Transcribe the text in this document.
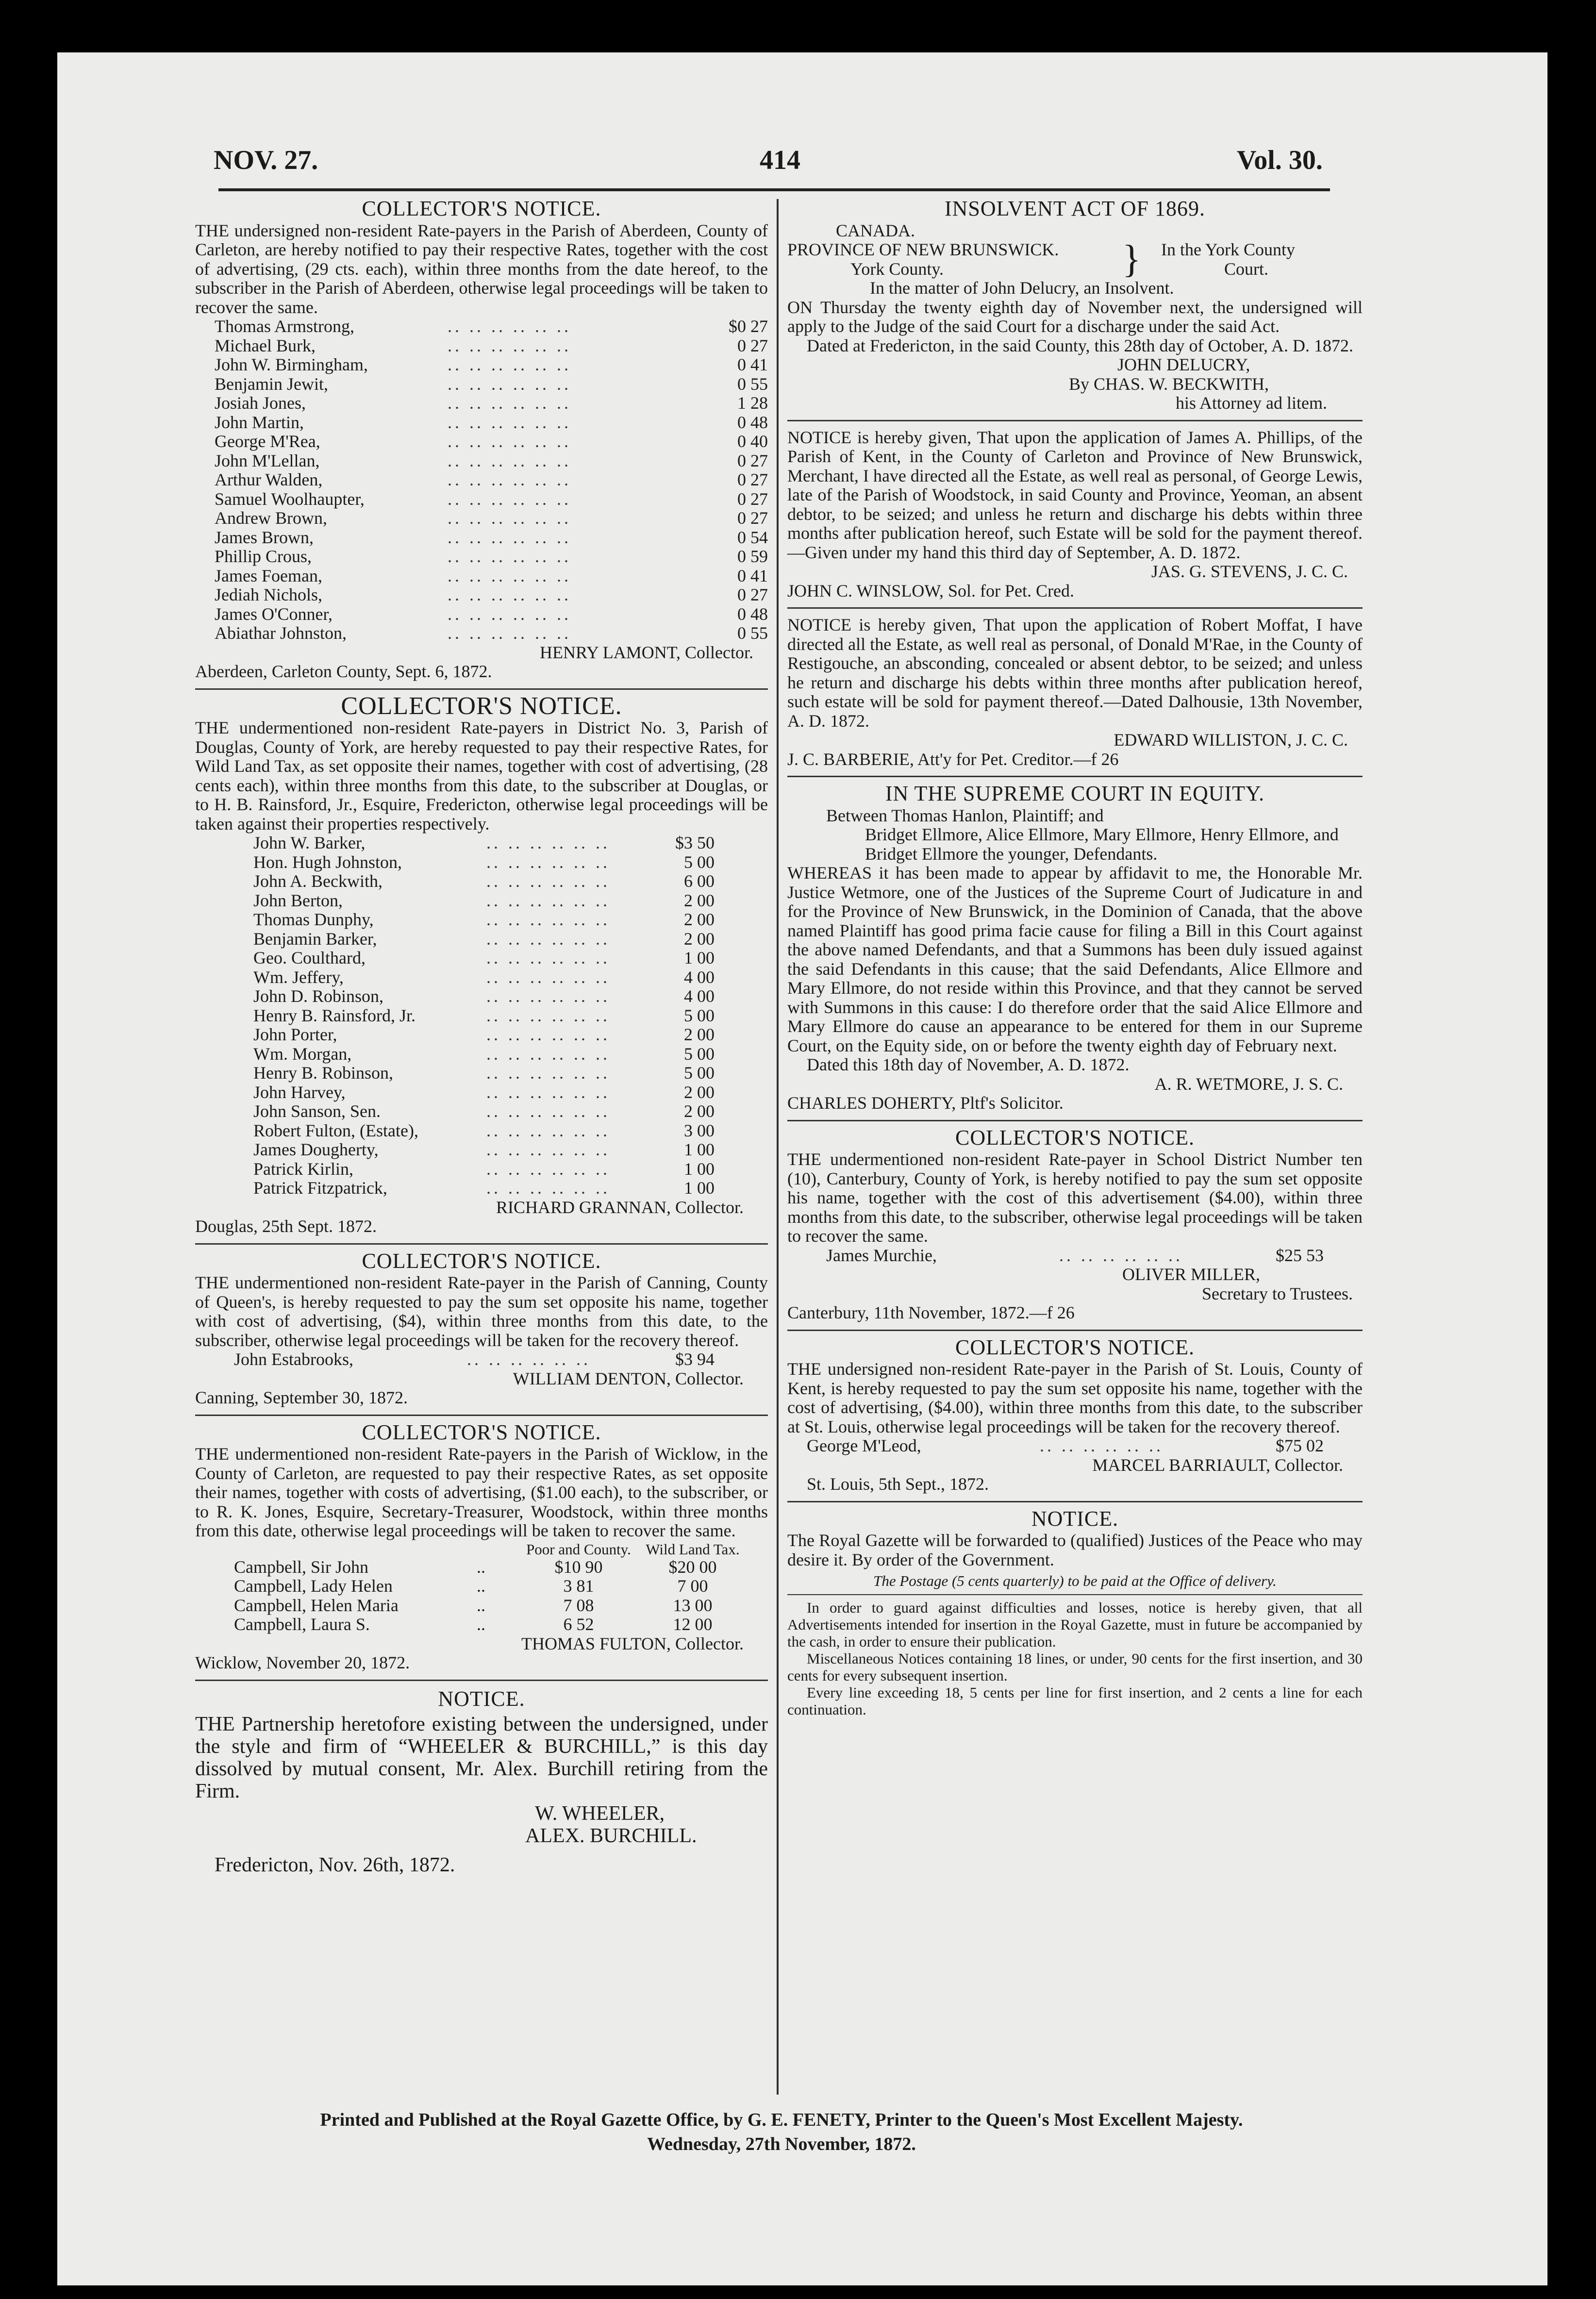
NOV. 27.	414	Vol. 30.
COLLECTOR'S NOTICE.

THE undersigned non-resident Rate-payers in the Parish of Aberdeen, County of Carleton, are hereby notified to pay their respective Rates, together with the cost of advertising, (29 cts. each), within three months from the date hereof, to the subscriber in the Parish of Aberdeen, otherwise legal proceedings will be taken to recover the same.

Thomas Armstrong,	.. .. .. .. .. ..	$0 27
Michael Burk,	.. .. .. .. .. ..	0 27
John W. Birmingham,	.. .. .. .. .. ..	0 41
Benjamin Jewit,	.. .. .. .. .. ..	0 55
Josiah Jones,	.. .. .. .. .. ..	1 28
John Martin,	.. .. .. .. .. ..	0 48
George M'Rea,	.. .. .. .. .. ..	0 40
John M'Lellan,	.. .. .. .. .. ..	0 27
Arthur Walden,	.. .. .. .. .. ..	0 27
Samuel Woolhaupter,	.. .. .. .. .. ..	0 27
Andrew Brown,	.. .. .. .. .. ..	0 27
James Brown,	.. .. .. .. .. ..	0 54
Phillip Crous,	.. .. .. .. .. ..	0 59
James Foeman,	.. .. .. .. .. ..	0 41
Jediah Nichols,	.. .. .. .. .. ..	0 27
James O'Conner,	.. .. .. .. .. ..	0 48
Abiathar Johnston,	.. .. .. .. .. ..	0 55
HENRY LAMONT, Collector.
Aberdeen, Carleton County, Sept. 6, 1872.
COLLECTOR'S NOTICE.

THE undermentioned non-resident Rate-payers in District No. 3, Parish of Douglas, County of York, are hereby requested to pay their respective Rates, for Wild Land Tax, as set opposite their names, together with cost of advertising, (28 cents each), within three months from this date, to the subscriber at Douglas, or to H. B. Rainsford, Jr., Esquire, Fredericton, otherwise legal proceedings will be taken against their properties respectively.

John W. Barker,	.. .. .. .. .. ..	$3 50
Hon. Hugh Johnston,	.. .. .. .. .. ..	5 00
John A. Beckwith,	.. .. .. .. .. ..	6 00
John Berton,	.. .. .. .. .. ..	2 00
Thomas Dunphy,	.. .. .. .. .. ..	2 00
Benjamin Barker,	.. .. .. .. .. ..	2 00
Geo. Coulthard,	.. .. .. .. .. ..	1 00
Wm. Jeffery,	.. .. .. .. .. ..	4 00
John D. Robinson,	.. .. .. .. .. ..	4 00
Henry B. Rainsford, Jr.	.. .. .. .. .. ..	5 00
John Porter,	.. .. .. .. .. ..	2 00
Wm. Morgan,	.. .. .. .. .. ..	5 00
Henry B. Robinson,	.. .. .. .. .. ..	5 00
John Harvey,	.. .. .. .. .. ..	2 00
John Sanson, Sen.	.. .. .. .. .. ..	2 00
Robert Fulton, (Estate),	.. .. .. .. .. ..	3 00
James Dougherty,	.. .. .. .. .. ..	1 00
Patrick Kirlin,	.. .. .. .. .. ..	1 00
Patrick Fitzpatrick,	.. .. .. .. .. ..	1 00
RICHARD GRANNAN, Collector.
Douglas, 25th Sept. 1872.
COLLECTOR'S NOTICE.

THE undermentioned non-resident Rate-payer in the Parish of Canning, County of Queen's, is hereby requested to pay the sum set opposite his name, together with cost of advertising, ($4), within three months from this date, to the subscriber, otherwise legal proceedings will be taken for the recovery thereof.

John Estabrooks,	.. .. .. .. .. ..	$3 94
WILLIAM DENTON, Collector.
Canning, September 30, 1872.
COLLECTOR'S NOTICE.

THE undermentioned non-resident Rate-payers in the Parish of Wicklow, in the County of Carleton, are requested to pay their respective Rates, as set opposite their names, together with costs of advertising, ($1.00 each), to the subscriber, or to R. K. Jones, Esquire, Secretary-Treasurer, Woodstock, within three months from this date, otherwise legal proceedings will be taken to recover the same.

Poor and County. Wild Land Tax.
Campbell, Sir John	..	$10 90	$20 00
Campbell, Lady Helen	..	3 81	7 00
Campbell, Helen Maria	..	7 08	13 00
Campbell, Laura S.	..	6 52	12 00
THOMAS FULTON, Collector.
Wicklow, November 20, 1872.
NOTICE.

THE Partnership heretofore existing between the undersigned, under the style and firm of “WHEELER & BURCHILL,” is this day dissolved by mutual consent, Mr. Alex. Burchill retiring from the Firm.

W. WHEELER,
ALEX. BURCHILL.
Fredericton, Nov. 26th, 1872.
INSOLVENT ACT OF 1869.
CANADA.
PROVINCE OF NEW BRUNSWICK.
York County.	}	In the York County
Court.
In the matter of John Delucry, an Insolvent.

ON Thursday the twenty eighth day of November next, the undersigned will apply to the Judge of the said Court for a discharge under the said Act.

Dated at Fredericton, in the said County, this 28th day of October, A. D. 1872.

JOHN DELUCRY,
By CHAS. W. BECKWITH,
his Attorney ad litem.

NOTICE is hereby given, That upon the application of James A. Phillips, of the Parish of Kent, in the County of Carleton and Province of New Brunswick, Merchant, I have directed all the Estate, as well real as personal, of George Lewis, late of the Parish of Woodstock, in said County and Province, Yeoman, an absent debtor, to be seized; and unless he return and discharge his debts within three months after publication hereof, such Estate will be sold for the payment thereof.—Given under my hand this third day of September, A. D. 1872.

JAS. G. STEVENS, J. C. C.
JOHN C. WINSLOW, Sol. for Pet. Cred.

NOTICE is hereby given, That upon the application of Robert Moffat, I have directed all the Estate, as well real as personal, of Donald M'Rae, in the County of Restigouche, an absconding, concealed or absent debtor, to be seized; and unless he return and discharge his debts within three months after publication hereof, such estate will be sold for payment thereof.—Dated Dalhousie, 13th November, A. D. 1872.

EDWARD WILLISTON, J. C. C.
J. C. BARBERIE, Att'y for Pet. Creditor.—f 26
IN THE SUPREME COURT IN EQUITY.
Between Thomas Hanlon, Plaintiff; and
Bridget Ellmore, Alice Ellmore, Mary Ellmore, Henry Ellmore, and Bridget Ellmore the younger, Defendants.

WHEREAS it has been made to appear by affidavit to me, the Honorable Mr. Justice Wetmore, one of the Justices of the Supreme Court of Judicature in and for the Province of New Brunswick, in the Dominion of Canada, that the above named Plaintiff has good prima facie cause for filing a Bill in this Court against the above named Defendants, and that a Summons has been duly issued against the said Defendants in this cause; that the said Defendants, Alice Ellmore and Mary Ellmore, do not reside within this Province, and that they cannot be served with Summons in this cause: I do therefore order that the said Alice Ellmore and Mary Ellmore do cause an appearance to be entered for them in our Supreme Court, on the Equity side, on or before the twenty eighth day of February next.

Dated this 18th day of November, A. D. 1872.
A. R. WETMORE, J. S. C.
CHARLES DOHERTY, Pltf's Solicitor.
COLLECTOR'S NOTICE.

THE undermentioned non-resident Rate-payer in School District Number ten (10), Canterbury, County of York, is hereby notified to pay the sum set opposite his name, together with the cost of this advertisement ($4.00), within three months from this date, to the subscriber, otherwise legal proceedings will be taken to recover the same.

James Murchie,	.. .. .. .. .. ..	$25 53
OLIVER MILLER,
Secretary to Trustees.
Canterbury, 11th November, 1872.—f 26
COLLECTOR'S NOTICE.

THE undersigned non-resident Rate-payer in the Parish of St. Louis, County of Kent, is hereby requested to pay the sum set opposite his name, together with the cost of advertising, ($4.00), within three months from this date, to the subscriber at St. Louis, otherwise legal proceedings will be taken for the recovery thereof.

George M'Leod,	.. .. .. .. .. ..	$75 02
MARCEL BARRIAULT, Collector.
St. Louis, 5th Sept., 1872.
NOTICE.

The Royal Gazette will be forwarded to (qualified) Justices of the Peace who may desire it. By order of the Government.

The Postage (5 cents quarterly) to be paid at the Office of delivery.

In order to guard against difficulties and losses, notice is hereby given, that all Advertisements intended for insertion in the Royal Gazette, must in future be accompanied by the cash, in order to ensure their publication.

Miscellaneous Notices containing 18 lines, or under, 90 cents for the first insertion, and 30 cents for every subsequent insertion.

Every line exceeding 18, 5 cents per line for first insertion, and 2 cents a line for each continuation.

Printed and Published at the Royal Gazette Office, by G. E. FENETY, Printer to the Queen's Most Excellent Majesty.
Wednesday, 27th November, 1872.
